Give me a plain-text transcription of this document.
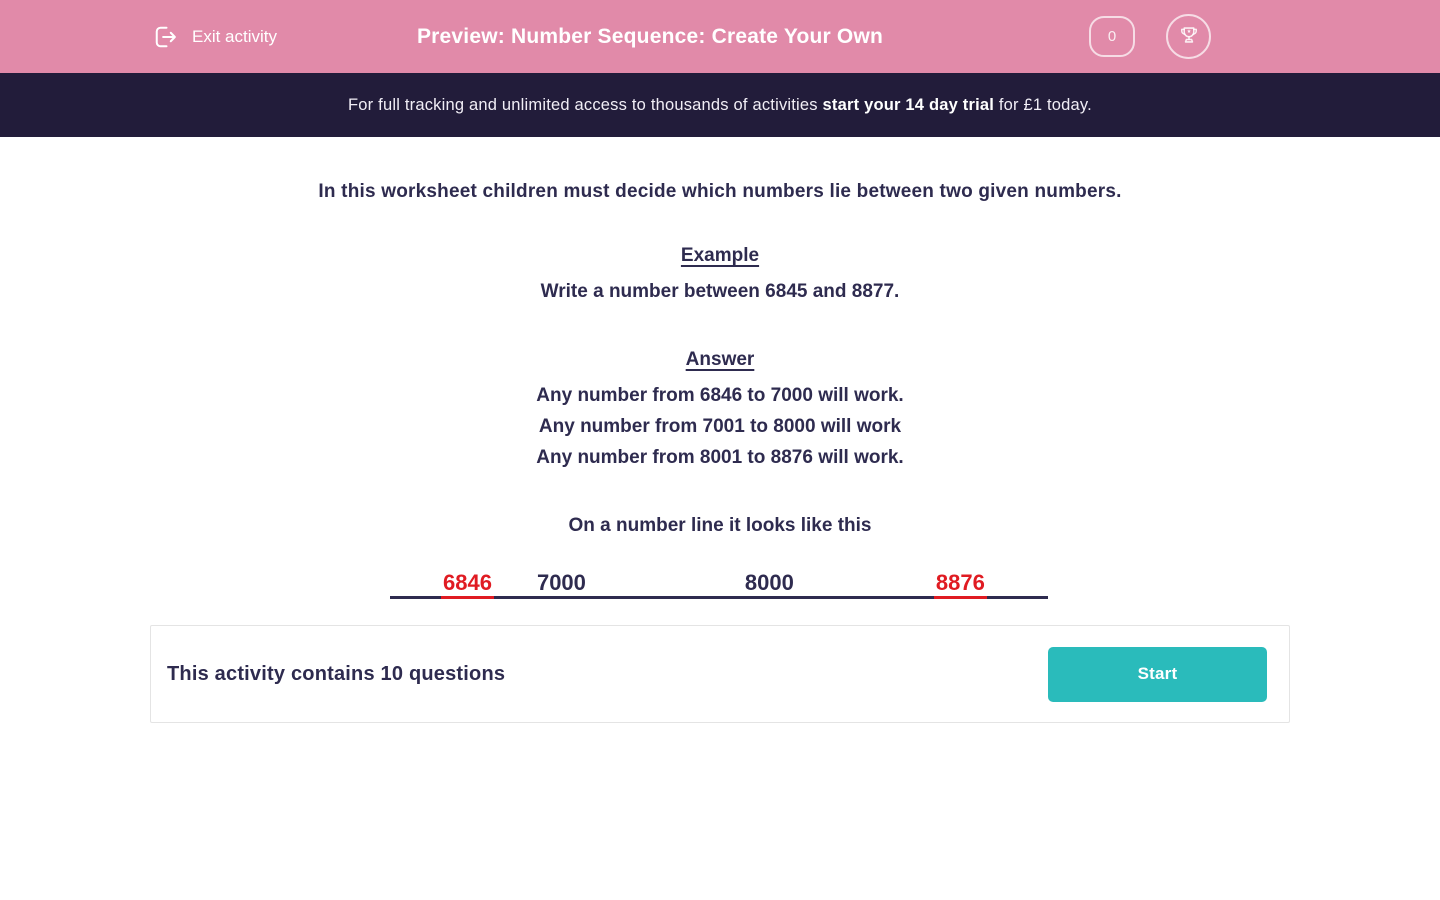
Exit activity	Preview: Number Sequence: Create Your Own	0
For full tracking and unlimited access to thousands of activities start your 14 day trial for £1 today.
In this worksheet children must decide which numbers lie between two given numbers.
Example
Write a number between 6845 and 8877.
Answer
Any number from 6846 to 7000 will work.
Any number from 7001 to 8000 will work
Any number from 8001 to 8876 will work.
On a number line it looks like this
6846 7000	8000	8876
This activity contains 10 questions	Start
